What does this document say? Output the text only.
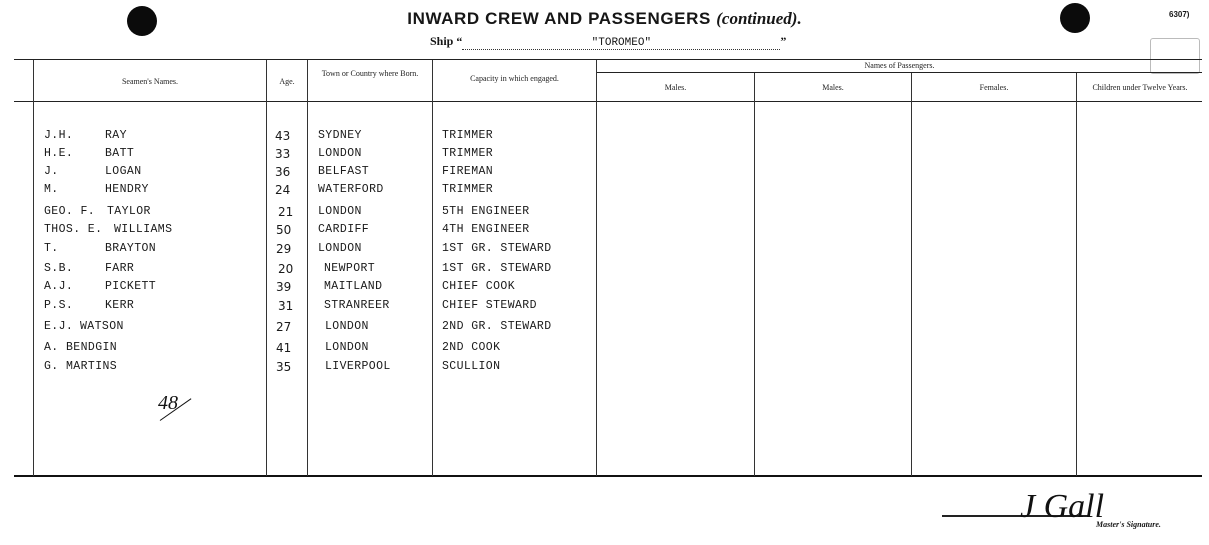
INWARD CREW AND PASSENGERS (continued).	6307)
Ship “	"TOROMEO"	”
Seamen's Names.	Age.
Town or Country where Born.
Capacity in which engaged.
Names of Passengers.
Males.	Males.	Females.	Children under Twelve Years.
J.H.	RAY	43 SYDNEY	TRIMMER
H.E.	BATT	33 LONDON	TRIMMER
J.	LOGAN	36 BELFAST	FIREMAN
M.	HENDRY	24 WATERFORD	TRIMMER
GEO. F. TAYLOR	21 LONDON	5TH ENGINEER
THOS. E. WILLIAMS	50 CARDIFF	4TH ENGINEER
T.	BRAYTON	29 LONDON	1ST GR. STEWARD
S.B.	FARR	20	NEWPORT	1ST GR. STEWARD
A.J.	PICKETT	39	MAITLAND	CHIEF COOK
P.S.	KERR	31	STRANREER	CHIEF STEWARD
E.J. WATSON	27	LONDON	2ND GR. STEWARD
A. BENDGIN	41	LONDON	2ND COOK
G. MARTINS	35	LIVERPOOL	SCULLION
48
J Gall
Master's Signature.
